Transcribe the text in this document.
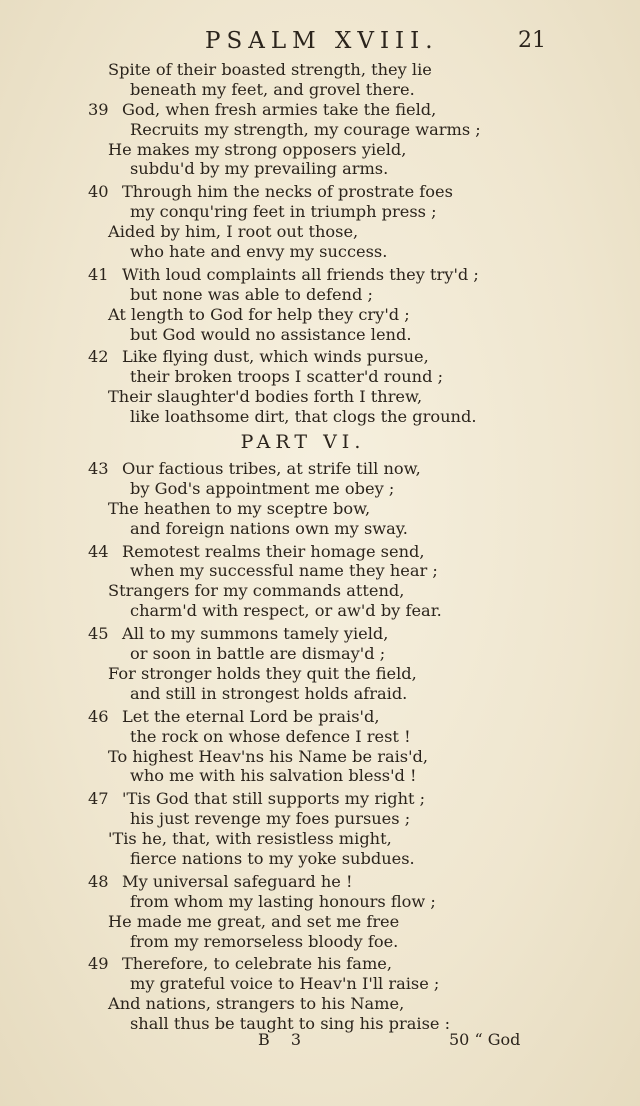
PSALM XVIII.	21
Spite of their boasted strength, they lie
beneath my feet, and grovel there.
39 God, when fresh armies take the field,
Recruits my strength, my courage warms ;
He makes my strong opposers yield,
subdu'd by my prevailing arms.
40 Through him the necks of prostrate foes
my conqu'ring feet in triumph press ;
Aided by him, I root out those,
who hate and envy my success.
41 With loud complaints all friends they try'd ;
but none was able to defend ;
At length to God for help they cry'd ;
but God would no assistance lend.
42 Like flying dust, which winds pursue,
their broken troops I scatter'd round ;
Their slaughter'd bodies forth I threw,
like loathsome dirt, that clogs the ground.
PART VI.
43 Our factious tribes, at strife till now,
by God's appointment me obey ;
The heathen to my sceptre bow,
and foreign nations own my sway.
44 Remotest realms their homage send,
when my successful name they hear ;
Strangers for my commands attend,
charm'd with respect, or aw'd by fear.
45 All to my summons tamely yield,
or soon in battle are dismay'd ;
For stronger holds they quit the field,
and still in strongest holds afraid.
46 Let the eternal Lord be prais'd,
the rock on whose defence I rest !
To highest Heav'ns his Name be rais'd,
who me with his salvation bless'd !
47 'Tis God that still supports my right ;
his just revenge my foes pursues ;
'Tis he, that, with resistless might,
fierce nations to my yoke subdues.
48 My universal safeguard he !
from whom my lasting honours flow ;
He made me great, and set me free
from my remorseless bloody foe.
49 Therefore, to celebrate his fame,
my grateful voice to Heav'n I'll raise ;
And nations, strangers to his Name,
shall thus be taught to sing his praise :
B 3	50 “ God
